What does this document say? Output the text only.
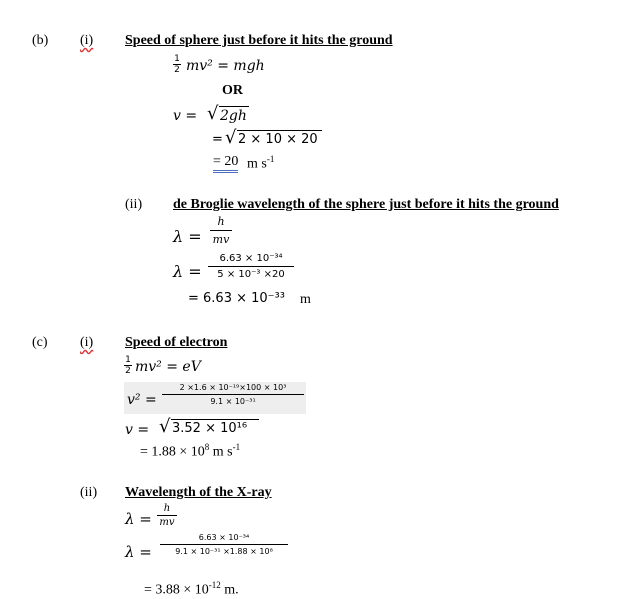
(b) (i) Speed of sphere just before it hits the ground
1
2 mv² = mgh
OR
v = √ 2gh
= √ 2 × 10 × 20
= 20 m $s^{-1}$
(ii) de Broglie wavelength of the sphere just before it hits the ground
λ =
h
mv
λ =
6.63 × 10⁻³⁴
5 × 10⁻³ ×20
= 6.63 × 10⁻³³ m
(c) (i) Speed of electron
1
2 mv² = eV
v² =
2 ×1.6 × 10⁻¹⁹×100 × 10³
9.1 × 10⁻³¹
v = √ 3.52 × 10¹⁶
= $1.88 \times 10^8$ m $s^{-1}$
(ii) Wavelength of the X-ray
λ =
h
mv
λ =
6.63 × 10⁻³⁴
9.1 × 10⁻³¹ ×1.88 × 10⁸
= $3.88 \times 10^{-12}$ m.
